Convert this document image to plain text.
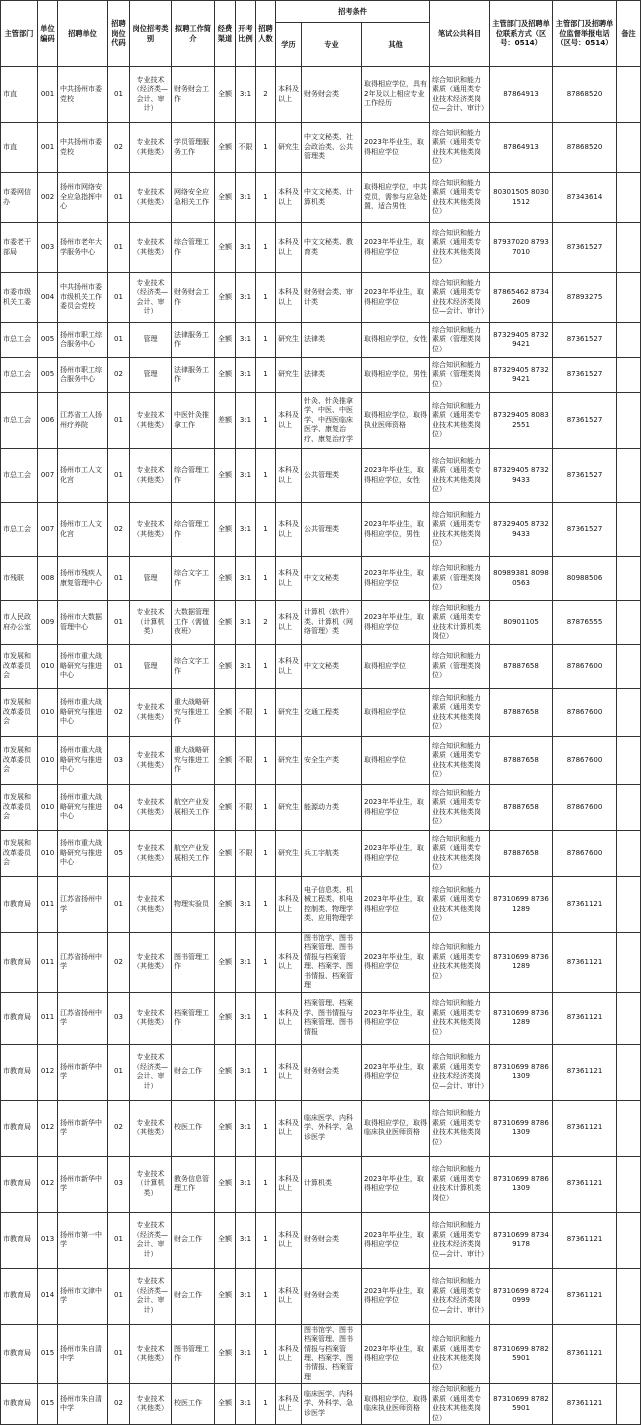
主管部门	单位编码	招聘单位	招聘岗位代码	岗位招考类别	拟聘工作简介	经费渠道	开考比例	招聘人数	招考条件			笔试公共科目	主管部门及招聘单位联系方式（区号：0514）	主管部门及招聘单位监督举报电话（区号：0514）	备注
									学历	专业	其他				
市直	001	中共扬州市委党校	01	专业技术（经济类—会计、审计）	财务财会工作	全额	3:1	2	本科及以上	财务财会类	取得相应学位，具有2年及以上相应专业工作经历	综合知识和能力素质（通用类专业技术经济类岗位—会计、审计）	87864913	87868520	
市直	001	中共扬州市委党校	02	专业技术（其他类）	学员管理服务工作	全额	不限	1	研究生	中文文秘类、社会政治类、公共管理类	2023年毕业生，取得相应学位	综合知识和能力素质（通用类专业技术其他类岗位）	87864913	87868520	
市委网信办	002	扬州市网络安全应急指挥中心	01	专业技术（其他类）	网络安全应急相关工作	全额	3:1	1	本科及以上	中文文秘类、计算机类	取得相应学位，中共党员，需参与应急处置，适合男性	综合知识和能力素质（通用类专业技术其他类岗位）	80301505 80301512	87343614	
市委老干部局	003	扬州市老年大学服务中心	01	专业技术（其他类）	综合管理工作	全额	3:1	1	本科及以上	中文文秘类、教育类	2023年毕业生，取得相应学位	综合知识和能力素质（通用类专业技术其他类岗位）	87937020 87937010	87361527	
市委市级机关工委	004	中共扬州市委市级机关工作委员会党校	01	专业技术（经济类—会计、审计）	财务财会工作	全额	3:1	1	本科及以上	财务财会类、审计类	2023年毕业生，取得相应学位	综合知识和能力素质（通用类专业技术经济类岗位—会计、审计）	87865462 87342609	87893275	
市总工会	005	扬州市职工综合服务中心	01	管理	法律服务工作	全额	3:1	1	研究生	法律类	取得相应学位，女性	综合知识和能力素质（管理类岗位）	87329405 87329421	87361527	
市总工会	005	扬州市职工综合服务中心	02	管理	法律服务工作	全额	3:1	1	研究生	法律类	取得相应学位，男性	综合知识和能力素质（管理类岗位）	87329405 87329421	87361527	
市总工会	006	江苏省工人扬州疗养院	01	专业技术（其他类）	中医针灸推拿工作	差额	3:1	1	本科及以上	针灸、针灸推拿学、中医、中医学、中西医临床医学、康复治疗、康复治疗学	取得相应学位，取得执业医师资格	综合知识和能力素质（通用类专业技术其他类岗位）	87329405 80832551	87361527	
市总工会	007	扬州市工人文化宫	01	专业技术（其他类）	综合管理工作	全额	3:1	1	本科及以上	公共管理类	2023年毕业生，取得相应学位，女性	综合知识和能力素质（通用类专业技术其他类岗位）	87329405 87329433	87361527	
市总工会	007	扬州市工人文化宫	02	专业技术（其他类）	综合管理工作	全额	3:1	1	本科及以上	公共管理类	2023年毕业生，取得相应学位，男性	综合知识和能力素质（通用类专业技术其他类岗位）	87329405 87329433	87361527	
市残联	008	扬州市残疾人康复管理中心	01	管理	综合文字工作	全额	3:1	1	本科及以上	中文文秘类	2023年毕业生，取得相应学位	综合知识和能力素质（管理类岗位）	80989381 80980563	80988506	
市人民政府办公室	009	扬州市大数据管理中心	01	专业技术（计算机类）	大数据管理工作（需值夜班）	全额	3:1	2	本科及以上	计算机（软件）类、计算机（网络管理）类	2023年毕业生，取得相应学位	综合知识和能力素质（通用类专业技术计算机类岗位）	80901105	87876555	
市发展和改革委员会	010	扬州市重大战略研究与推进中心	01	管理	综合文字工作	全额	3:1	1	本科及以上	中文文秘类	取得相应学位	综合知识和能力素质（管理类岗位）	87887658	87867600	
市发展和改革委员会	010	扬州市重大战略研究与推进中心	02	专业技术（其他类）	重大战略研究与推进工作	全额	不限	1	研究生	交通工程类	取得相应学位	综合知识和能力素质（通用类专业技术其他类岗位）	87887658	87867600	
市发展和改革委员会	010	扬州市重大战略研究与推进中心	03	专业技术（其他类）	重大战略研究与推进工作	全额	不限	1	研究生	安全生产类	取得相应学位	综合知识和能力素质（通用类专业技术其他类岗位）	87887658	87867600	
市发展和改革委员会	010	扬州市重大战略研究与推进中心	04	专业技术（其他类）	航空产业发展相关工作	全额	不限	1	研究生	能源动力类	2023年毕业生，取得相应学位	综合知识和能力素质（通用类专业技术其他类岗位）	87887658	87867600	
市发展和改革委员会	010	扬州市重大战略研究与推进中心	05	专业技术（其他类）	航空产业发展相关工作	全额	不限	1	研究生	兵工宇航类	2023年毕业生，取得相应学位	综合知识和能力素质（通用类专业技术其他类岗位）	87887658	87867600	
市教育局	011	江苏省扬州中学	01	专业技术（其他类）	物理实验员	全额	3:1	1	本科及以上	电子信息类、机械工程类、机电控制类、物理学类、应用物理学	2023年毕业生，取得相应学位	综合知识和能力素质（通用类专业技术其他类岗位）	87310699 87361289	87361121	
市教育局	011	江苏省扬州中学	02	专业技术（其他类）	图书管理工作	全额	3:1	1	本科及以上	图书馆学、图书档案管理、图书情报与档案管理、档案学、图书情报、档案管理	2023年毕业生，取得相应学位	综合知识和能力素质（通用类专业技术其他类岗位）	87310699 87361289	87361121	
市教育局	011	江苏省扬州中学	03	专业技术（其他类）	档案管理工作	全额	3:1	1	本科及以上	档案管理、档案学、图书情报与档案管理、图书情报	2023年毕业生，取得相应学位	综合知识和能力素质（通用类专业技术其他类岗位）	87310699 87361289	87361121	
市教育局	012	扬州市新华中学	01	专业技术（经济类—会计、审计）	财会工作	全额	3:1	1	本科及以上	财务财会类	2023年毕业生，取得相应学位	综合知识和能力素质（通用类专业技术经济类岗位—会计、审计）	87310699 87861309	87361121	
市教育局	012	扬州市新华中学	02	专业技术（其他类）	校医工作	全额	3:1	1	本科及以上	临床医学、内科学、外科学、急诊医学	取得相应学位，取得临床执业医师资格	综合知识和能力素质（通用类专业技术其他类岗位）	87310699 87861309	87361121	
市教育局	012	扬州市新华中学	03	专业技术（计算机类）	教务信息管理工作	全额	3:1	1	本科及以上	计算机类	2023年毕业生，取得相应学位	综合知识和能力素质（通用类专业技术计算机类岗位）	87310699 87861309	87361121	
市教育局	013	扬州市第一中学	01	专业技术（经济类—会计、审计）	财会工作	全额	3:1	1	本科及以上	财务财会类	2023年毕业生，取得相应学位	综合知识和能力素质（通用类专业技术经济类岗位—会计、审计）	87310699 87349178	87361121	
市教育局	014	扬州市文津中学	01	专业技术（经济类—会计、审计）	财会工作	全额	3:1	1	本科及以上	财务财会类	2023年毕业生，取得相应学位	综合知识和能力素质（通用类专业技术经济类岗位—会计、审计）	87310699 87240999	87361121	
市教育局	015	扬州市朱自清中学	01	专业技术（其他类）	图书管理工作	全额	3:1	1	本科及以上	图书馆学、图书档案管理、图书情报与档案管理、档案学、图书情报、档案管理	2023年毕业生，取得相应学位	综合知识和能力素质（通用类专业技术其他类岗位）	87310699 87825901	87361121	
市教育局	015	扬州市朱自清中学	02	专业技术（其他类）	校医工作	全额	3:1	1	本科及以上	临床医学、内科学、外科学、急诊医学	取得相应学位，取得临床执业医师资格	综合知识和能力素质（通用类专业技术其他类岗位）	87310699 87825901	87361121	
